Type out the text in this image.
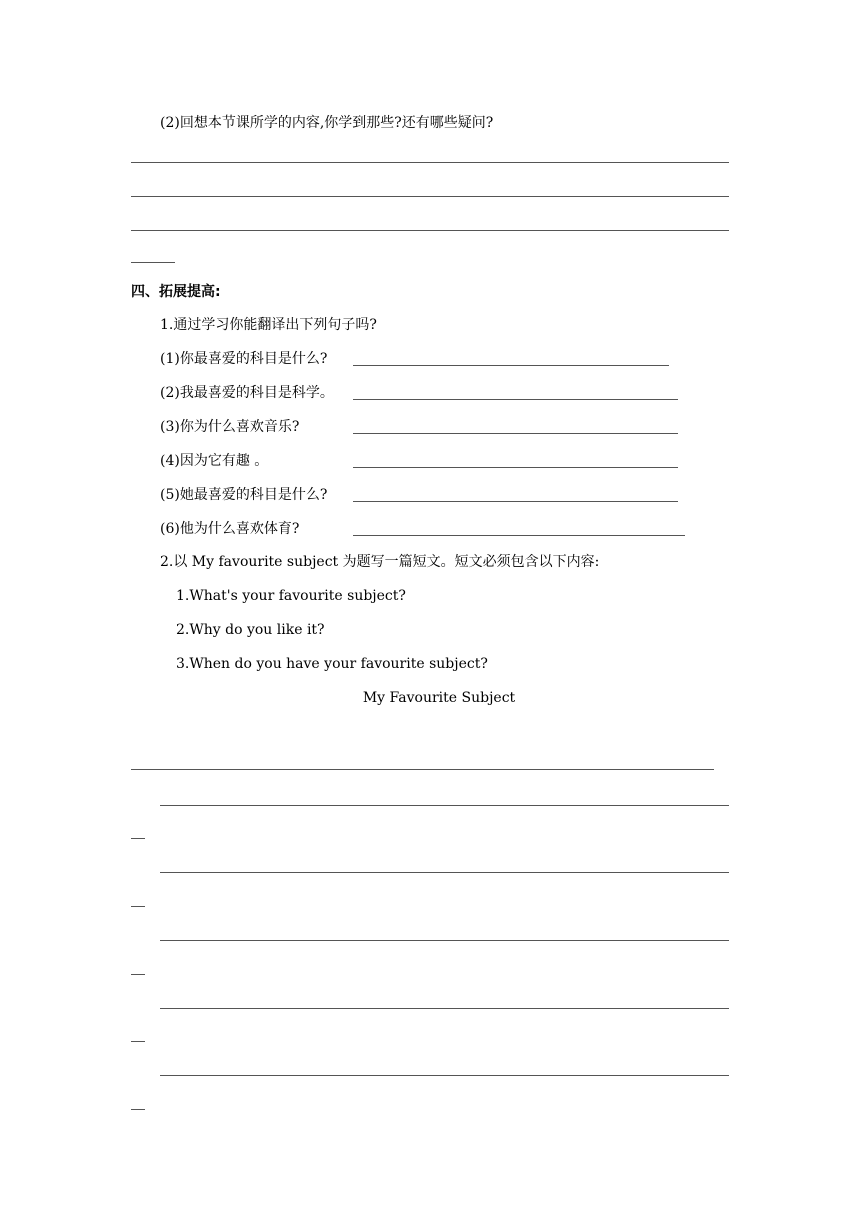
(2)回想本节课所学的内容,你学到那些?还有哪些疑问?
四、拓展提高:
1.通过学习你能翻译出下列句子吗?
(1)你最喜爱的科目是什么?
(2)我最喜爱的科目是科学。
(3)你为什么喜欢音乐?
(4)因为它有趣 。
(5)她最喜爱的科目是什么?
(6)他为什么喜欢体育?
2.以 My favourite subject 为题写一篇短文。短文必须包含以下内容:
1.What's your favourite subject?
2.Why do you like it?
3.When do you have your favourite subject?
My Favourite Subject
